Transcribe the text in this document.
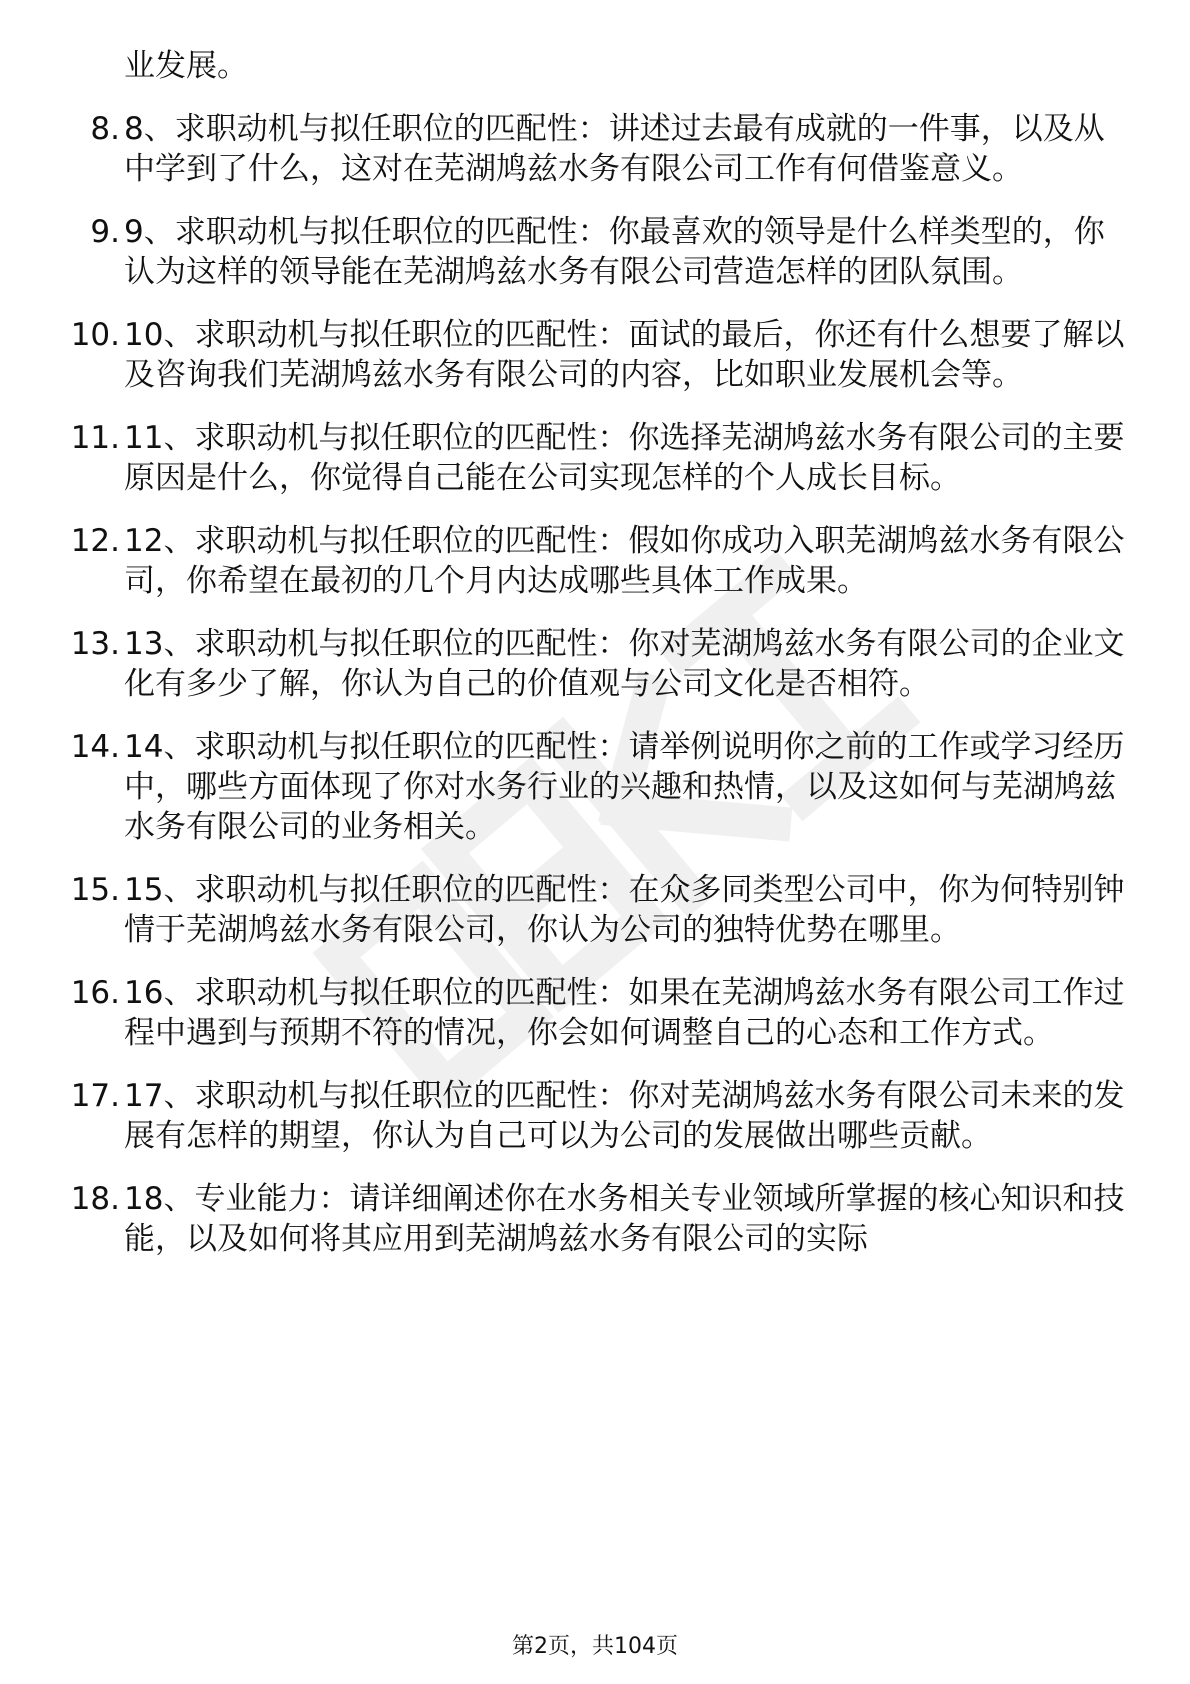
业发展。

8. 8、求职动机与拟任职位的匹配性：讲述过去最有成就的一件事，以及从中学到了什么，这对在芜湖鸠兹水务有限公司工作有何借鉴意义。
9. 9、求职动机与拟任职位的匹配性：你最喜欢的领导是什么样类型的，你认为这样的领导能在芜湖鸠兹水务有限公司营造怎样的团队氛围。
10. 10、求职动机与拟任职位的匹配性：面试的最后，你还有什么想要了解以及咨询我们芜湖鸠兹水务有限公司的内容，比如职业发展机会等。
11. 11、求职动机与拟任职位的匹配性：你选择芜湖鸠兹水务有限公司的主要原因是什么，你觉得自己能在公司实现怎样的个人成长目标。
12. 12、求职动机与拟任职位的匹配性：假如你成功入职芜湖鸠兹水务有限公司，你希望在最初的几个月内达成哪些具体工作成果。
13. 13、求职动机与拟任职位的匹配性：你对芜湖鸠兹水务有限公司的企业文化有多少了解，你认为自己的价值观与公司文化是否相符。
14. 14、求职动机与拟任职位的匹配性：请举例说明你之前的工作或学习经历中，哪些方面体现了你对水务行业的兴趣和热情，以及这如何与芜湖鸠兹水务有限公司的业务相关。
15. 15、求职动机与拟任职位的匹配性：在众多同类型公司中，你为何特别钟情于芜湖鸠兹水务有限公司，你认为公司的独特优势在哪里。
16. 16、求职动机与拟任职位的匹配性：如果在芜湖鸠兹水务有限公司工作过程中遇到与预期不符的情况，你会如何调整自己的心态和工作方式。
17. 17、求职动机与拟任职位的匹配性：你对芜湖鸠兹水务有限公司未来的发展有怎样的期望，你认为自己可以为公司的发展做出哪些贡献。
18. 18、专业能力：请详细阐述你在水务相关专业领域所掌握的核心知识和技能，以及如何将其应用到芜湖鸠兹水务有限公司的实际
第2页，共104页
